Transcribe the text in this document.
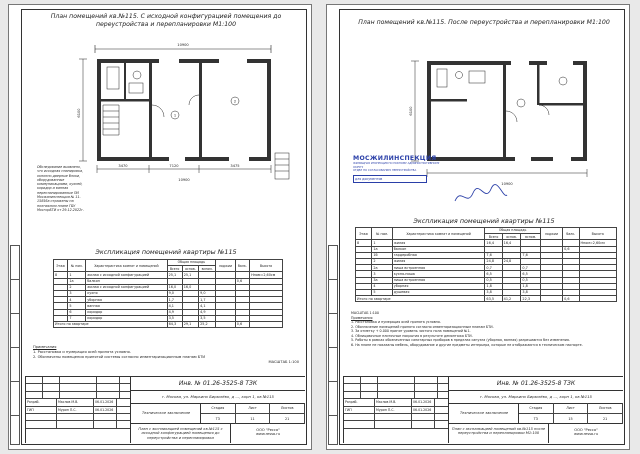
План помещений кв.№115. С исходной конфигурацией помещения до
переустройства и перепланировки М1:100
10900
1
2
6100
3470	7120	3475
10900
Обследование выявлено, что исходная планировка, окнонно-дверные блоки, оборудованные коммуникациями, кухней, коридор и ванная перепланированные ПИ Мосжилинспекции № 11-15856а отражены на поэтажном плане ГБУ МосгорБТИ от 29.12.2022г.
Экспликация помещений квартиры №115
Этаж	№ пом.	Характеристика комнат и помещений	Общая площадь			лоджии	балк.	Высота
			Всего	основ.	вспом.			
8	1	жилая с исходной конфигурацией	25,1	25,1				Нпом=2,60см
	1а	балкон					0,6	
	2	жилая с исходной конфигурацией	16,0	16,0				
	3	кухня	9,0		9,0			
	4	уборная	1,7		1,7			
	5	ванная	4,1		4,1			
	6	коридор	4,9		4,9			
	7	коридор	3,5		3,5			
Итого по квартире			64,3	29,1	25,2		0,6	
Примечания
1. Расстановка и нумерация осей принята условно.
2. Обозначены помещения принятой системы согласно инвентаризационным планам БТИ
МАСШТАБ 1:100
Разраб.	Маслов М.В.	06.01.2026
ГИП	Мурин П.С.	06.01.2026
Инв. № 01.26-3525-8 ТЗК
г. Москва, ул. Марьино Бирюлёво, д ..., корп 1, кв №115
Техническое заключение
Стадия	Лист	Листов
ТЗ	11	21
План с экспликацией помещений кв.№115 с исходной конфигурацией помещения до переустройства и перепланировки
ООО "Ресса"
www.ressa.ru
План помещений кв.№115. После переустройства и перепланировки М1:100
10900
6100
МОСЖИЛИНСПЕКЦИЯ
ЖИЛИЩНАЯ ИНСПЕКЦИЯ ПО ЮЖНОМУ АДМИНИСТРАТИВНОМУ ОКРУГУ
ОТДЕЛ ПО СОГЛАСОВАНИЮ ПЕРЕУСТРОЙСТВА
для документов
Экспликация помещений квартиры №115
Этаж	№ пом.	Характеристика комнат и помещений	Общая площадь			лоджии	балк.	Высота
			Всего	основ.	вспом.			
8	1	жилая	16,4	16,4				Нпом=2,60см
	1а	балкон					0,6	
	1б	гардеробная	7,6		7,6			
	2	жилая	24,8	24,8				
	2а	ниша встроенная	0,7		0,7			
	3	кухня-ниша	6,5		6,5			
	3а	ниша встроенная	0,5		0,5			
	4	уборная	1,8		1,8			
	5	душевая	3,8		3,8			
Итого по квартире			63,5	41,2	22,3		0,6	
МАСШТАБ 1:100
Примечания
1. Расстановка и нумерация осей принята условно.
2. Обозначение помещений принято согласно инвентаризационным планам БТИ.
3. За отметку + 0.000 принят уровень чистого пола помещений №1.
4. Облицовочные плиточные покрытия в результате демонтажа БТИ.
5. Работы в рамках обозначенных санитарных приборов в пределах санузла (уборная, ванная) разрешаются без изменения.
6. На плане не показаны мебель, оборудование и другие предметы интерьера, которые не отображаются в техническом паспорте.
Разраб.	Маслов М.В.	06.01.2026
ГИП	Мурин П.С.	06.01.2026
Инв. № 01.26-3525-8 ТЗК
г. Москва, ул. Марьино Бирюлёво, д ..., корп 1, кв №115
Техническое заключение
Стадия	Лист	Листов
ТЗ	15	21
План с экспликацией помещений кв.№115 после переустройства и перепланировки М1:100
ООО "Ресса"
www.ressa.ru
